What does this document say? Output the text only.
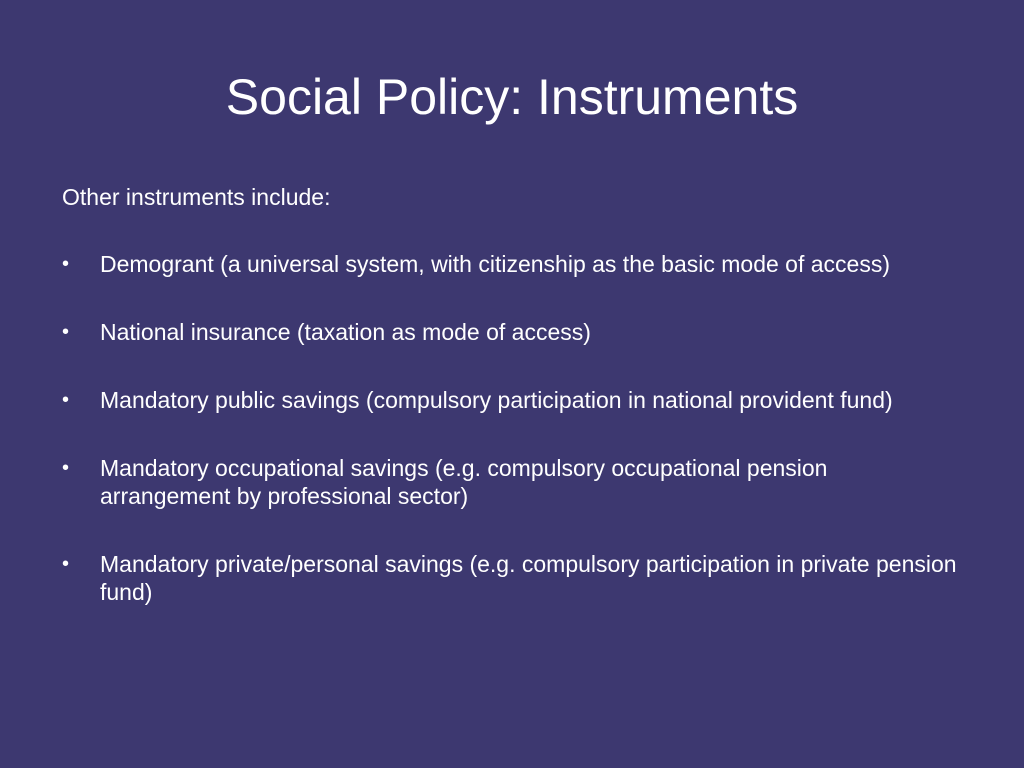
Social Policy: Instruments

Other instruments include:

•	Demogrant (a universal system, with citizenship as the basic mode of access)
•	National insurance (taxation as mode of access)
•	Mandatory public savings (compulsory participation in national provident fund)
•	Mandatory occupational savings (e.g. compulsory occupational pension arrangement by professional sector)
•	Mandatory private/personal savings (e.g. compulsory participation in private pension fund)
